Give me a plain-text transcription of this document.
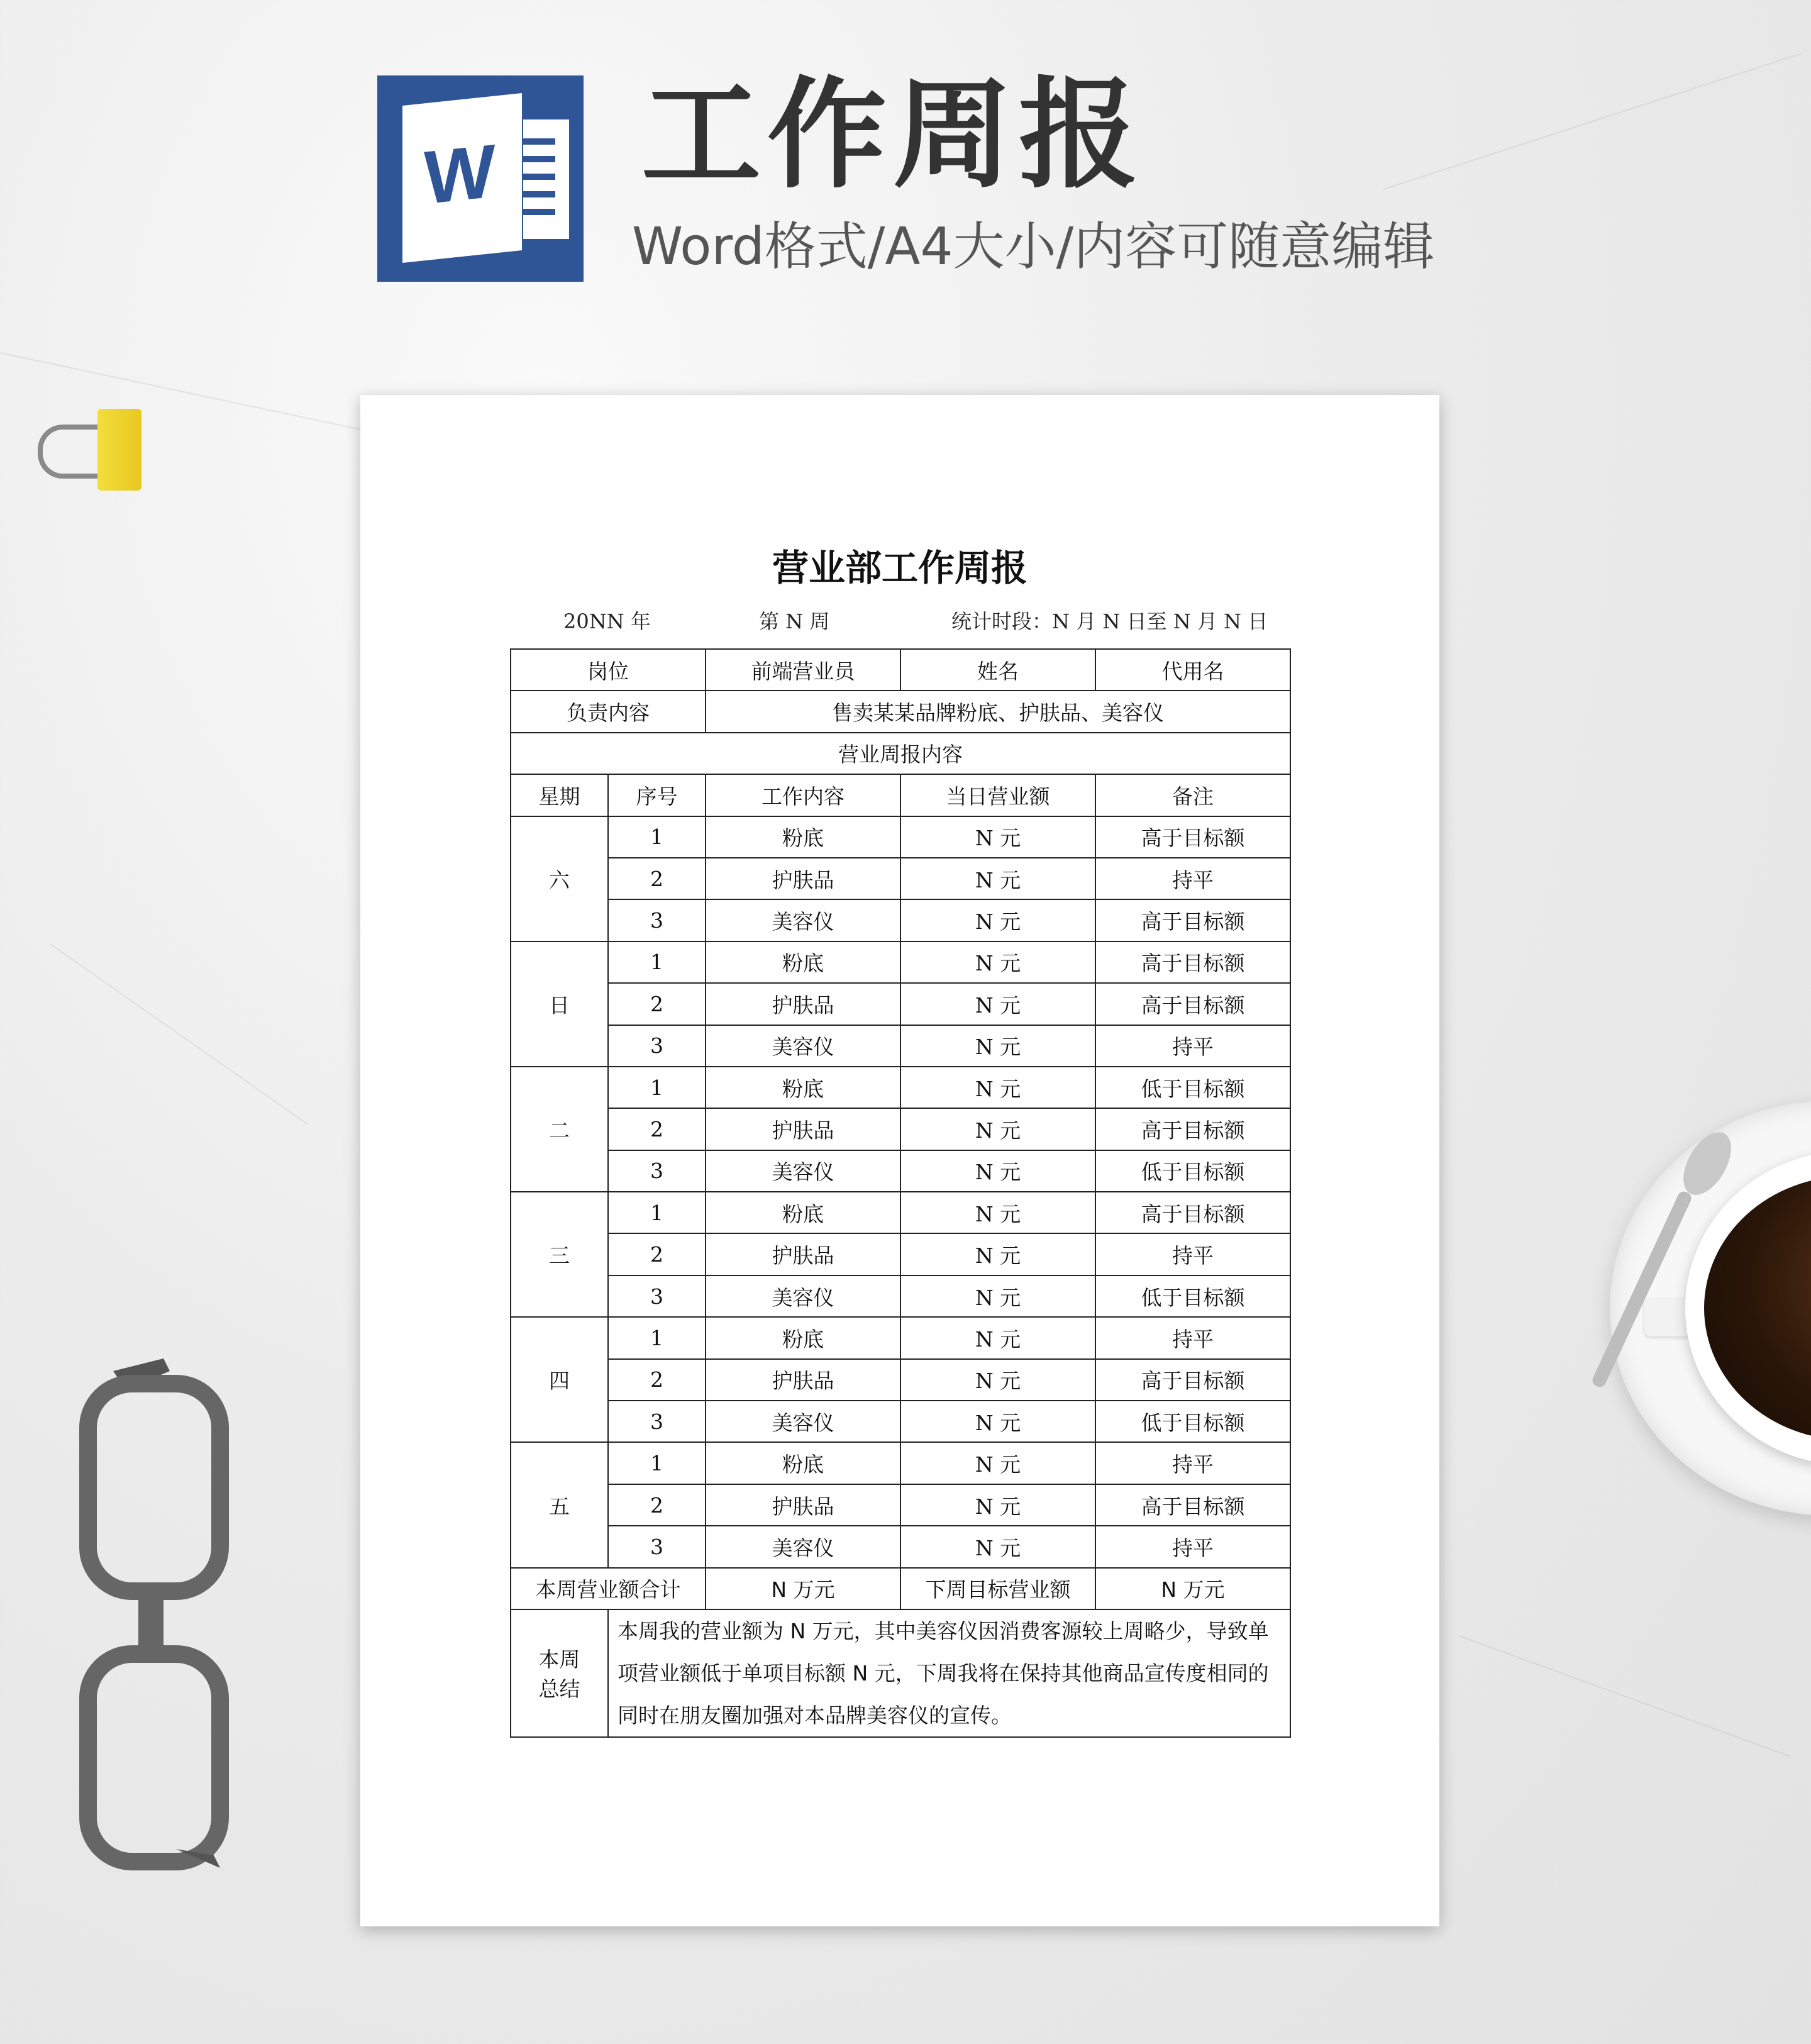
W 工作周报
Word格式/A4大小/内容可随意编辑
营业部工作周报
20NN 年	第 N 周	统计时段：N 月 N 日至 N 月 N 日
岗位		前端营业员	姓名	代用名
负责内容		售卖某某品牌粉底、护肤品、美容仪		
营业周报内容				
星期	序号	工作内容	当日营业额	备注
六	1	粉底	N 元	高于目标额
	2	护肤品	N 元	持平
	3	美容仪	N 元	高于目标额
日	1	粉底	N 元	高于目标额
	2	护肤品	N 元	高于目标额
	3	美容仪	N 元	持平
二	1	粉底	N 元	低于目标额
	2	护肤品	N 元	高于目标额
	3	美容仪	N 元	低于目标额
三	1	粉底	N 元	高于目标额
	2	护肤品	N 元	持平
	3	美容仪	N 元	低于目标额
四	1	粉底	N 元	持平
	2	护肤品	N 元	高于目标额
	3	美容仪	N 元	低于目标额
五	1	粉底	N 元	持平
	2	护肤品	N 元	高于目标额
	3	美容仪	N 元	持平
本周营业额合计		N 万元	下周目标营业额	N 万元
本周总结	本周我的营业额为 N 万元，其中美容仪因消费客源较上周略少，导致单项营业额低于单项目标额 N 元，下周我将在保持其他商品宣传度相同的同时在朋友圈加强对本品牌美容仪的宣传。			
